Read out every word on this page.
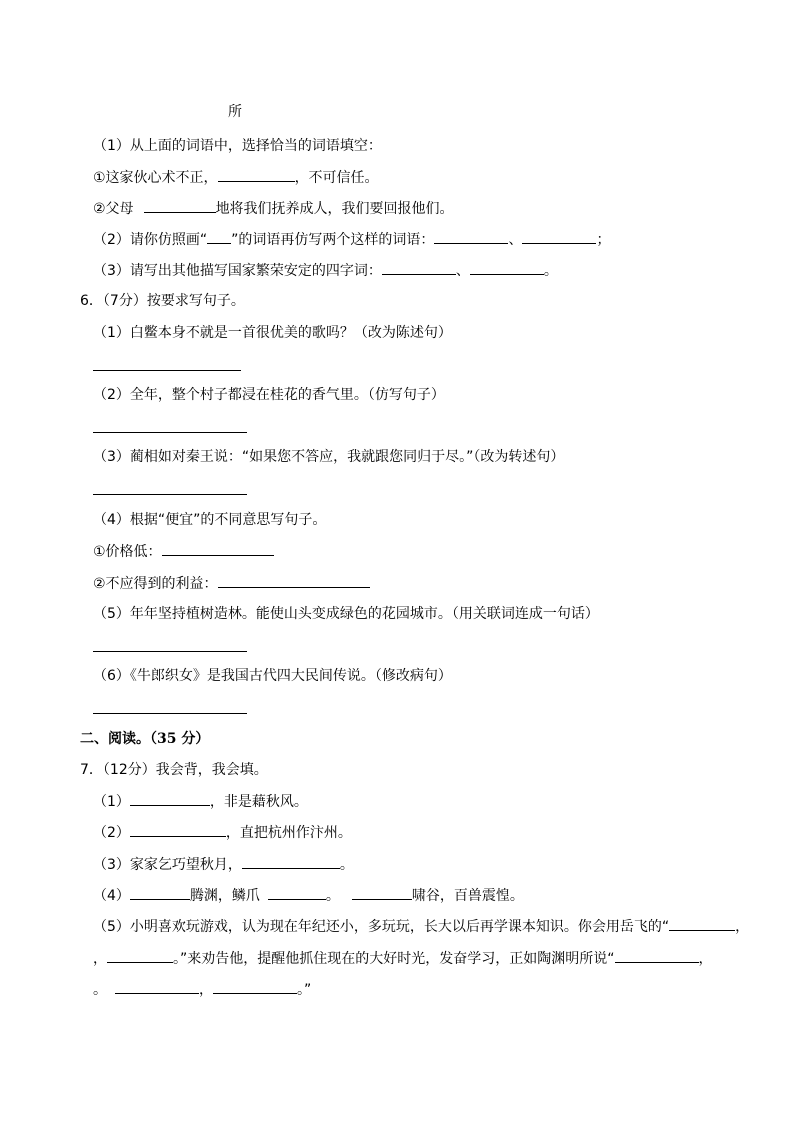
所
（1）从上面的词语中，选择恰当的词语填空：
①这家伙心术不正，	，不可信任。
②父母	地将我们抚养成人，我们要回报他们。
（2）请你仿照画“ ”的词语再仿写两个这样的词语：	、	；
（3）请写出其他描写国家繁荣安定的四字词：	、	。
6．（7分）按要求写句子。
（1）白鳖本身不就是一首很优美的歌吗？（改为陈述句）
（2）全年，整个村子都浸在桂花的香气里。（仿写句子）
（3）蔺相如对秦王说：“如果您不答应，我就跟您同归于尽。”（改为转述句）
（4）根据“便宜”的不同意思写句子。
①价格低：
②不应得到的利益：
（5）年年坚持植树造林。能使山头变成绿色的花园城市。（用关联词连成一句话）
（6）《牛郎织女》是我国古代四大民间传说。（修改病句）
二、阅读。（35 分）
7．（12分）我会背，我会填。
（1）	，非是藉秋风。
（2）	，直把杭州作汴州。
（3）家家乞巧望秋月，	。
（4）	腾渊，鳞爪	。	啸谷，百兽震惶。
（5）小明喜欢玩游戏，认为现在年纪还小，多玩玩，长大以后再学课本知识。你会用岳飞的“	，
，	。”来劝告他，提醒他抓住现在的大好时光，发奋学习，正如陶渊明所说“	，
。	，	。”
